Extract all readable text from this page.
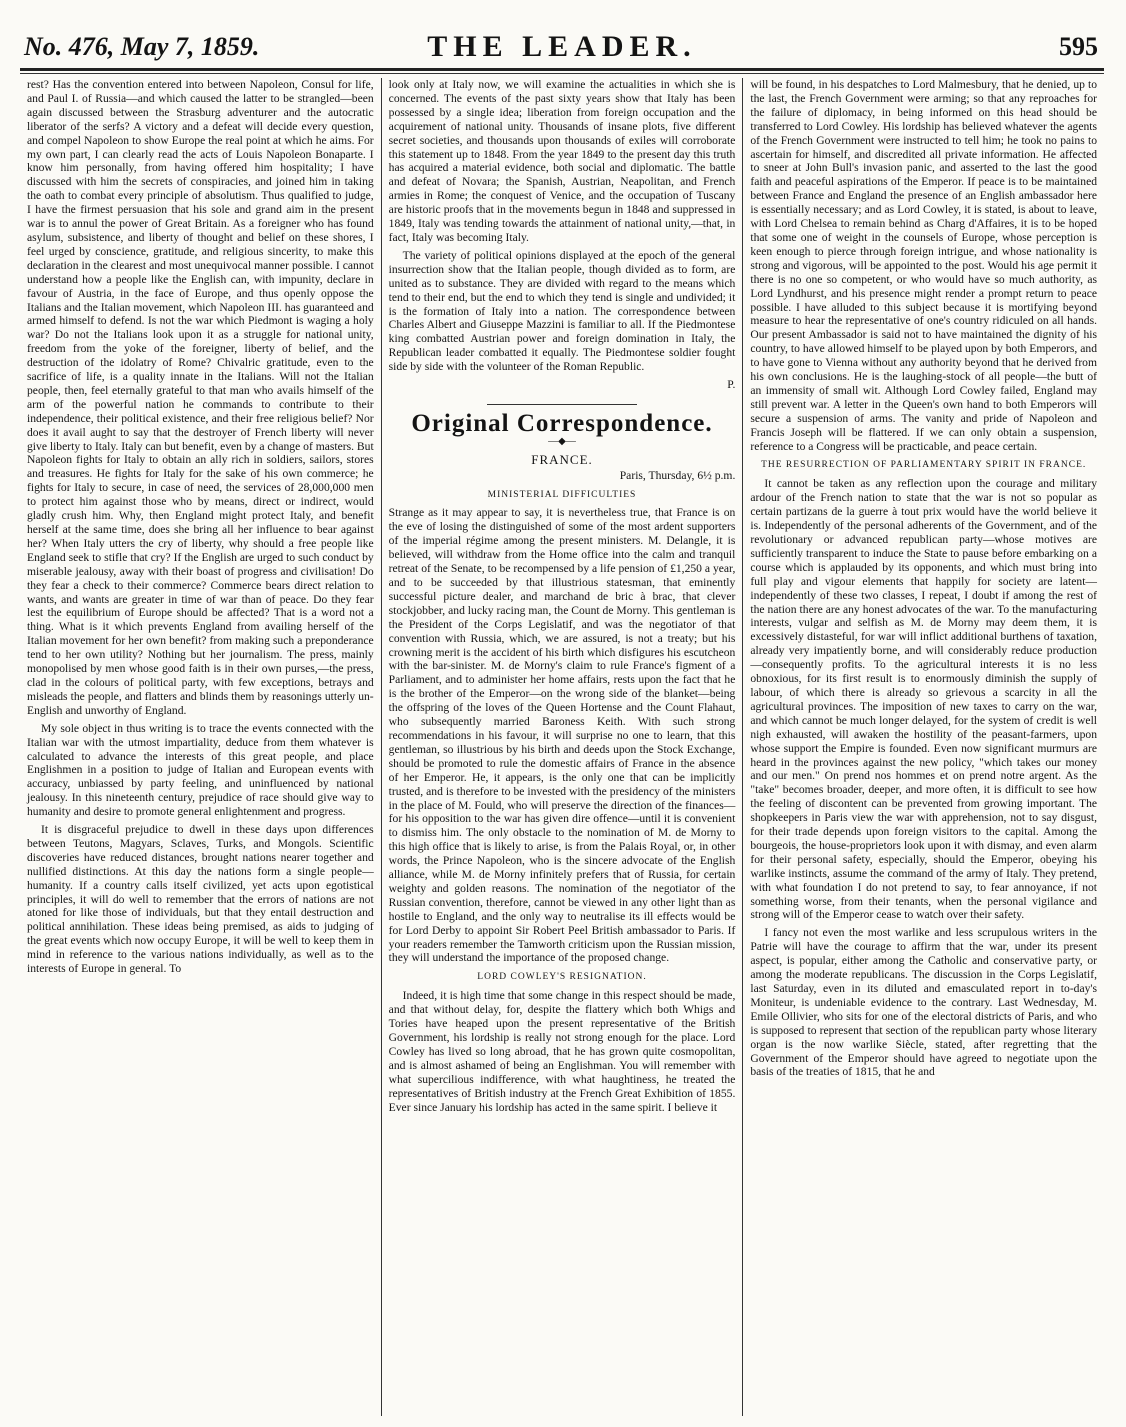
No. 476, May 7, 1859.	THE LEADER.	595

rest? Has the convention entered into between Napoleon, Consul for life, and Paul I. of Russia—and which caused the latter to be strangled—been again discussed between the Strasburg adventurer and the autocratic liberator of the serfs? A victory and a defeat will decide every question, and compel Napoleon to show Europe the real point at which he aims. For my own part, I can clearly read the acts of Louis Napoleon Bonaparte. I know him personally, from having offered him hospitality; I have discussed with him the secrets of conspiracies, and joined him in taking the oath to combat every principle of absolutism. Thus qualified to judge, I have the firmest persuasion that his sole and grand aim in the present war is to annul the power of Great Britain. As a foreigner who has found asylum, subsistence, and liberty of thought and belief on these shores, I feel urged by conscience, gratitude, and religious sincerity, to make this declaration in the clearest and most unequivocal manner possible. I cannot understand how a people like the English can, with impunity, declare in favour of Austria, in the face of Europe, and thus openly oppose the Italians and the Italian movement, which Napoleon III. has guaranteed and armed himself to defend. Is not the war which Piedmont is waging a holy war? Do not the Italians look upon it as a struggle for national unity, freedom from the yoke of the foreigner, liberty of belief, and the destruction of the idolatry of Rome? Chivalric gratitude, even to the sacrifice of life, is a quality innate in the Italians. Will not the Italian people, then, feel eternally grateful to that man who avails himself of the arm of the powerful nation he commands to contribute to their independence, their political existence, and their free religious belief? Nor does it avail aught to say that the destroyer of French liberty will never give liberty to Italy. Italy can but benefit, even by a change of masters. But Napoleon fights for Italy to obtain an ally rich in soldiers, sailors, stores and treasures. He fights for Italy for the sake of his own commerce; he fights for Italy to secure, in case of need, the services of 28,000,000 men to protect him against those who by means, direct or indirect, would gladly crush him. Why, then England might protect Italy, and benefit herself at the same time, does she bring all her influence to bear against her? When Italy utters the cry of liberty, why should a free people like England seek to stifle that cry? If the English are urged to such conduct by miserable jealousy, away with their boast of progress and civilisation! Do they fear a check to their commerce? Commerce bears direct relation to wants, and wants are greater in time of war than of peace. Do they fear lest the equilibrium of Europe should be affected? That is a word not a thing. What is it which prevents England from availing herself of the Italian movement for her own benefit? from making such a preponderance tend to her own utility? Nothing but her journalism. The press, mainly monopolised by men whose good faith is in their own purses,—the press, clad in the colours of political party, with few exceptions, betrays and misleads the people, and flatters and blinds them by reasonings utterly un-English and unworthy of England.

My sole object in thus writing is to trace the events connected with the Italian war with the utmost impartiality, deduce from them whatever is calculated to advance the interests of this great people, and place Englishmen in a position to judge of Italian and European events with accuracy, unbiassed by party feeling, and uninfluenced by national jealousy. In this nineteenth century, prejudice of race should give way to humanity and desire to promote general enlightenment and progress.

It is disgraceful prejudice to dwell in these days upon differences between Teutons, Magyars, Sclaves, Turks, and Mongols. Scientific discoveries have reduced distances, brought nations nearer together and nullified distinctions. At this day the nations form a single people—humanity. If a country calls itself civilized, yet acts upon egotistical principles, it will do well to remember that the errors of nations are not atoned for like those of individuals, but that they entail destruction and political annihilation. These ideas being premised, as aids to judging of the great events which now occupy Europe, it will be well to keep them in mind in reference to the various nations individually, as well as to the interests of Europe in general. To

look only at Italy now, we will examine the actualities in which she is concerned. The events of the past sixty years show that Italy has been possessed by a single idea; liberation from foreign occupation and the acquirement of national unity. Thousands of insane plots, five different secret societies, and thousands upon thousands of exiles will corroborate this statement up to 1848. From the year 1849 to the present day this truth has acquired a material evidence, both social and diplomatic. The battle and defeat of Novara; the Spanish, Austrian, Neapolitan, and French armies in Rome; the conquest of Venice, and the occupation of Tuscany are historic proofs that in the movements begun in 1848 and suppressed in 1849, Italy was tending towards the attainment of national unity,—that, in fact, Italy was becoming Italy.

The variety of political opinions displayed at the epoch of the general insurrection show that the Italian people, though divided as to form, are united as to substance. They are divided with regard to the means which tend to their end, but the end to which they tend is single and undivided; it is the formation of Italy into a nation. The correspondence between Charles Albert and Giuseppe Mazzini is familiar to all. If the Piedmontese king combatted Austrian power and foreign domination in Italy, the Republican leader combatted it equally. The Piedmontese soldier fought side by side with the volunteer of the Roman Republic.

P.
Original Correspondence.
—◆—
FRANCE.
Paris, Thursday, 6½ p.m.
MINISTERIAL DIFFICULTIES

Strange as it may appear to say, it is nevertheless true, that France is on the eve of losing the distinguished of some of the most ardent supporters of the imperial régime among the present ministers. M. Delangle, it is believed, will withdraw from the Home office into the calm and tranquil retreat of the Senate, to be recompensed by a life pension of £1,250 a year, and to be succeeded by that illustrious statesman, that eminently successful picture dealer, and marchand de bric à brac, that clever stockjobber, and lucky racing man, the Count de Morny. This gentleman is the President of the Corps Legislatif, and was the negotiator of that convention with Russia, which, we are assured, is not a treaty; but his crowning merit is the accident of his birth which disfigures his escutcheon with the bar-sinister. M. de Morny's claim to rule France's figment of a Parliament, and to administer her home affairs, rests upon the fact that he is the brother of the Emperor—on the wrong side of the blanket—being the offspring of the loves of the Queen Hortense and the Count Flahaut, who subsequently married Baroness Keith. With such strong recommendations in his favour, it will surprise no one to learn, that this gentleman, so illustrious by his birth and deeds upon the Stock Exchange, should be promoted to rule the domestic affairs of France in the absence of her Emperor. He, it appears, is the only one that can be implicitly trusted, and is therefore to be invested with the presidency of the ministers in the place of M. Fould, who will preserve the direction of the finances—for his opposition to the war has given dire offence—until it is convenient to dismiss him. The only obstacle to the nomination of M. de Morny to this high office that is likely to arise, is from the Palais Royal, or, in other words, the Prince Napoleon, who is the sincere advocate of the English alliance, while M. de Morny infinitely prefers that of Russia, for certain weighty and golden reasons. The nomination of the negotiator of the Russian convention, therefore, cannot be viewed in any other light than as hostile to England, and the only way to neutralise its ill effects would be for Lord Derby to appoint Sir Robert Peel British ambassador to Paris. If your readers remember the Tamworth criticism upon the Russian mission, they will understand the importance of the proposed change.

LORD COWLEY'S RESIGNATION.

Indeed, it is high time that some change in this respect should be made, and that without delay, for, despite the flattery which both Whigs and Tories have heaped upon the present representative of the British Government, his lordship is really not strong enough for the place. Lord Cowley has lived so long abroad, that he has grown quite cosmopolitan, and is almost ashamed of being an Englishman. You will remember with what supercilious indifference, with what haughtiness, he treated the representatives of British industry at the French Great Exhibition of 1855. Ever since January his lordship has acted in the same spirit. I believe it

will be found, in his despatches to Lord Malmesbury, that he denied, up to the last, the French Government were arming; so that any reproaches for the failure of diplomacy, in being informed on this head should be transferred to Lord Cowley. His lordship has believed whatever the agents of the French Government were instructed to tell him; he took no pains to ascertain for himself, and discredited all private information. He affected to sneer at John Bull's invasion panic, and asserted to the last the good faith and peaceful aspirations of the Emperor. If peace is to be maintained between France and England the presence of an English ambassador here is essentially necessary; and as Lord Cowley, it is stated, is about to leave, with Lord Chelsea to remain behind as Charg d'Affaires, it is to be hoped that some one of weight in the counsels of Europe, whose perception is keen enough to pierce through foreign intrigue, and whose nationality is strong and vigorous, will be appointed to the post. Would his age permit it there is no one so competent, or who would have so much authority, as Lord Lyndhurst, and his presence might render a prompt return to peace possible. I have alluded to this subject because it is mortifying beyond measure to hear the representative of one's country ridiculed on all hands. Our present Ambassador is said not to have maintained the dignity of his country, to have allowed himself to be played upon by both Emperors, and to have gone to Vienna without any authority beyond that he derived from his own conclusions. He is the laughing-stock of all people—the butt of an immensity of small wit. Although Lord Cowley failed, England may still prevent war. A letter in the Queen's own hand to both Emperors will secure a suspension of arms. The vanity and pride of Napoleon and Francis Joseph will be flattered. If we can only obtain a suspension, reference to a Congress will be practicable, and peace certain.

THE RESURRECTION OF PARLIAMENTARY SPIRIT IN FRANCE.

It cannot be taken as any reflection upon the courage and military ardour of the French nation to state that the war is not so popular as certain partizans de la guerre à tout prix would have the world believe it is. Independently of the personal adherents of the Government, and of the revolutionary or advanced republican party—whose motives are sufficiently transparent to induce the State to pause before embarking on a course which is applauded by its opponents, and which must bring into full play and vigour elements that happily for society are latent—independently of these two classes, I repeat, I doubt if among the rest of the nation there are any honest advocates of the war. To the manufacturing interests, vulgar and selfish as M. de Morny may deem them, it is excessively distasteful, for war will inflict additional burthens of taxation, already very impatiently borne, and will considerably reduce production—consequently profits. To the agricultural interests it is no less obnoxious, for its first result is to enormously diminish the supply of labour, of which there is already so grievous a scarcity in all the agricultural provinces. The imposition of new taxes to carry on the war, and which cannot be much longer delayed, for the system of credit is well nigh exhausted, will awaken the hostility of the peasant-farmers, upon whose support the Empire is founded. Even now significant murmurs are heard in the provinces against the new policy, "which takes our money and our men." On prend nos hommes et on prend notre argent. As the "take" becomes broader, deeper, and more often, it is difficult to see how the feeling of discontent can be prevented from growing important. The shopkeepers in Paris view the war with apprehension, not to say disgust, for their trade depends upon foreign visitors to the capital. Among the bourgeois, the house-proprietors look upon it with dismay, and even alarm for their personal safety, especially, should the Emperor, obeying his warlike instincts, assume the command of the army of Italy. They pretend, with what foundation I do not pretend to say, to fear annoyance, if not something worse, from their tenants, when the personal vigilance and strong will of the Emperor cease to watch over their safety.

I fancy not even the most warlike and less scrupulous writers in the Patrie will have the courage to affirm that the war, under its present aspect, is popular, either among the Catholic and conservative party, or among the moderate republicans. The discussion in the Corps Legislatif, last Saturday, even in its diluted and emasculated report in to-day's Moniteur, is undeniable evidence to the contrary. Last Wednesday, M. Emile Ollivier, who sits for one of the electoral districts of Paris, and who is supposed to represent that section of the republican party whose literary organ is the now warlike Siècle, stated, after regretting that the Government of the Emperor should have agreed to negotiate upon the basis of the treaties of 1815, that he and
